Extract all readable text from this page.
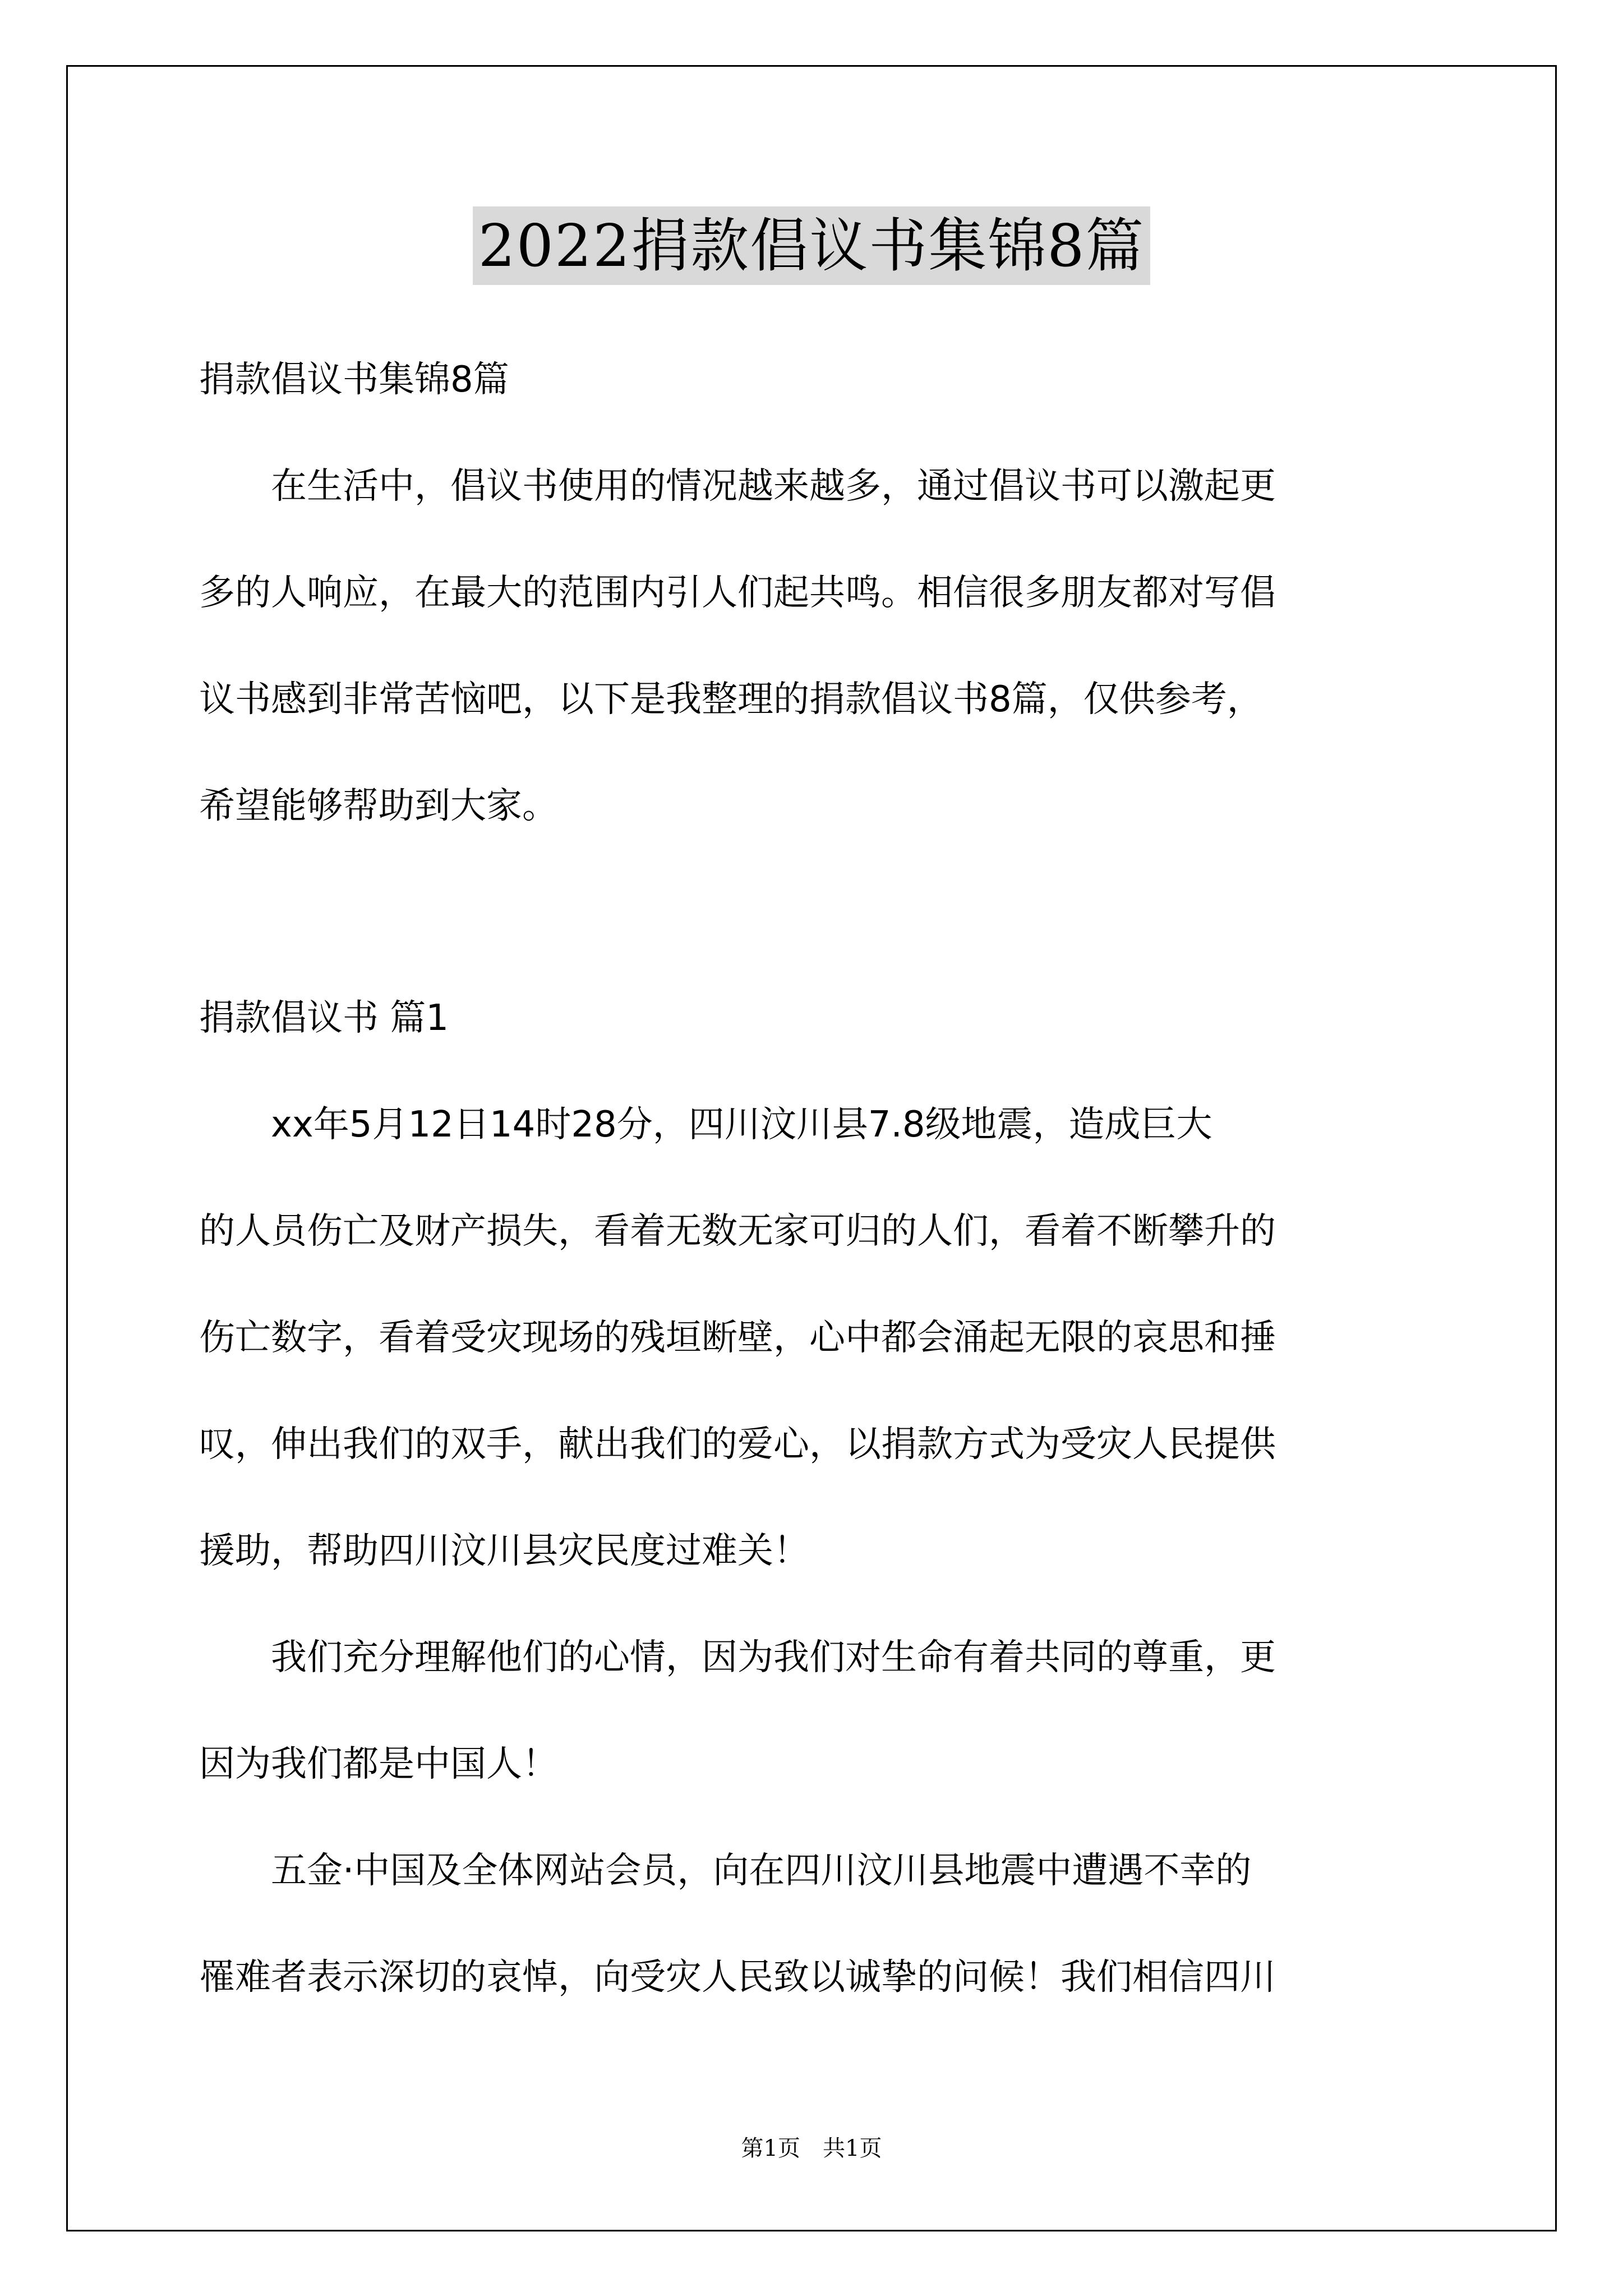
2022捐款倡议书集锦8篇
捐款倡议书集锦8篇
　　在生活中，倡议书使用的情况越来越多，通过倡议书可以激起更
多的人响应，在最大的范围内引人们起共鸣。相信很多朋友都对写倡
议书感到非常苦恼吧，以下是我整理的捐款倡议书8篇，仅供参考，
希望能够帮助到大家。
捐款倡议书 篇1
　　xx年5月12日14时28分，四川汶川县7.8级地震，造成巨大
的人员伤亡及财产损失，看着无数无家可归的人们，看着不断攀升的
伤亡数字，看着受灾现场的残垣断壁，心中都会涌起无限的哀思和捶
叹，伸出我们的双手，献出我们的爱心，以捐款方式为受灾人民提供
援助，帮助四川汶川县灾民度过难关！
　　我们充分理解他们的心情，因为我们对生命有着共同的尊重，更
因为我们都是中国人！
　　五金·中国及全体网站会员，向在四川汶川县地震中遭遇不幸的
罹难者表示深切的哀悼，向受灾人民致以诚挚的问候！我们相信四川
第1页　共1页
